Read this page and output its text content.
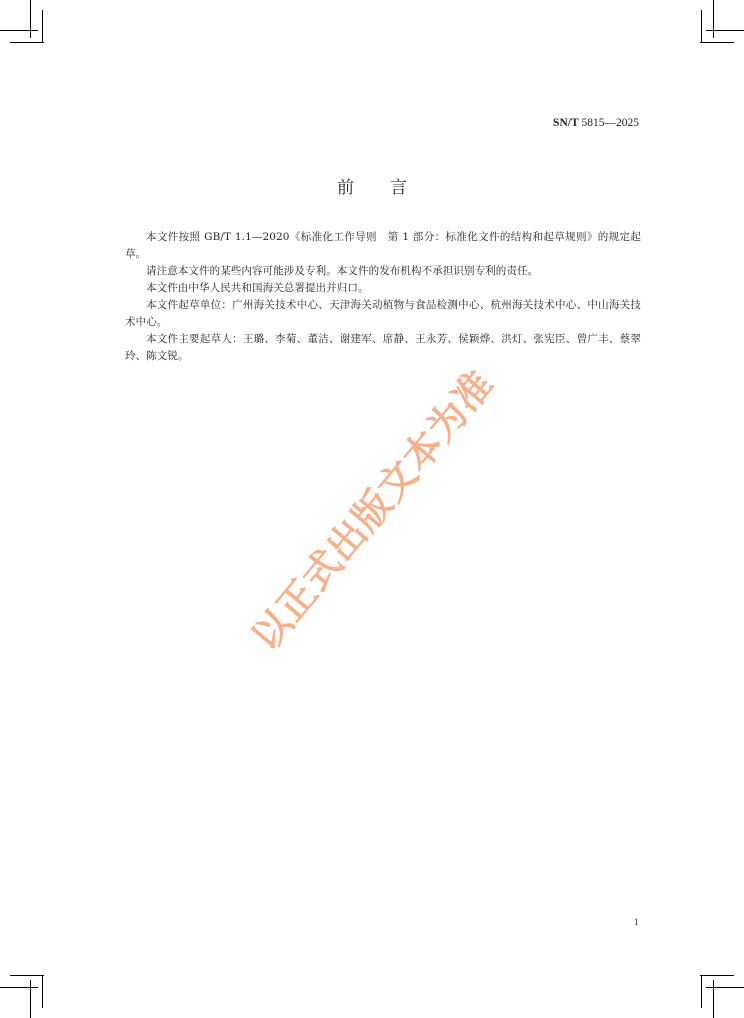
SN/T 5815—2025
前 言

本文件按照 GB/T 1.1—2020《标准化工作导则　第 1 部分：标准化文件的结构和起草规则》的规定起草。

请注意本文件的某些内容可能涉及专利。本文件的发布机构不承担识别专利的责任。

本文件由中华人民共和国海关总署提出并归口。

本文件起草单位：广州海关技术中心、天津海关动植物与食品检测中心、杭州海关技术中心、中山海关技术中心。

本文件主要起草人：王璐、李菊、董洁、谢建军、席静、王永芳、侯颖烨、洪灯、张宪臣、曾广丰、蔡翠玲、陈文锐。

以正式出版文本为准
1
